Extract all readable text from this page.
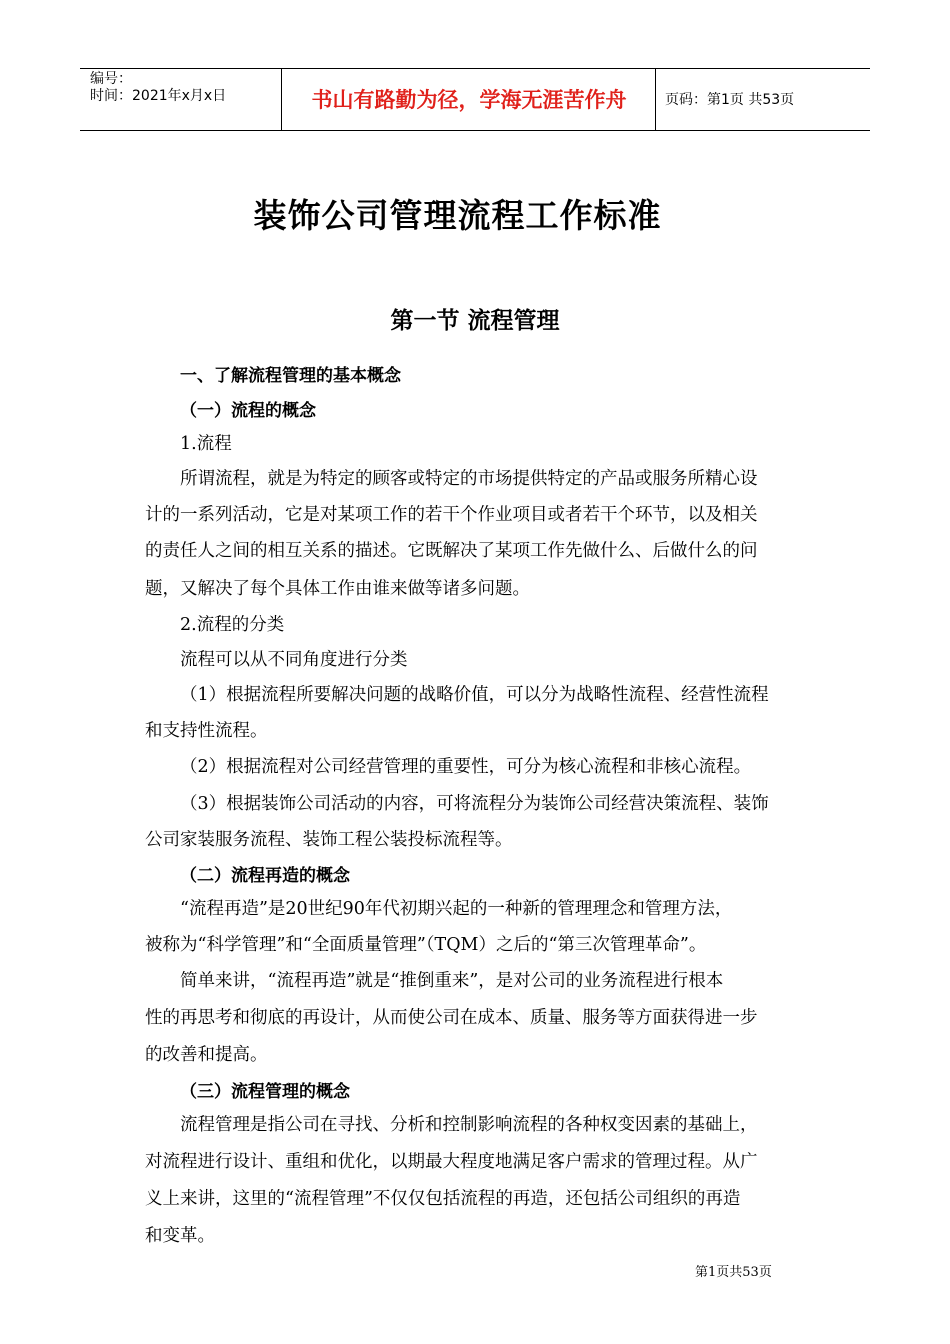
编号：
时间：2021年x月x日	书山有路勤为径，学海无涯苦作舟	页码：第1页 共53页
装饰公司管理流程工作标准
第一节 流程管理
一、了解流程管理的基本概念
（一）流程的概念
1.流程
所谓流程，就是为特定的顾客或特定的市场提供特定的产品或服务所精心设
计的一系列活动，它是对某项工作的若干个作业项目或者若干个环节，以及相关
的责任人之间的相互关系的描述。它既解决了某项工作先做什么、后做什么的问
题，又解决了每个具体工作由谁来做等诸多问题。
2.流程的分类
流程可以从不同角度进行分类
（1）根据流程所要解决问题的战略价值，可以分为战略性流程、经营性流程
和支持性流程。
（2）根据流程对公司经营管理的重要性，可分为核心流程和非核心流程。
（3）根据装饰公司活动的内容，可将流程分为装饰公司经营决策流程、装饰
公司家装服务流程、装饰工程公装投标流程等。
（二）流程再造的概念
“流程再造”是20世纪90年代初期兴起的一种新的管理理念和管理方法，
被称为“科学管理”和“全面质量管理”（TQM）之后的“第三次管理革命”。
简单来讲，“流程再造”就是“推倒重来”，是对公司的业务流程进行根本
性的再思考和彻底的再设计，从而使公司在成本、质量、服务等方面获得进一步
的改善和提高。
（三）流程管理的概念
流程管理是指公司在寻找、分析和控制影响流程的各种权变因素的基础上，
对流程进行设计、重组和优化，以期最大程度地满足客户需求的管理过程。从广
义上来讲，这里的“流程管理”不仅仅包括流程的再造，还包括公司组织的再造
和变革。
第1页共53页
